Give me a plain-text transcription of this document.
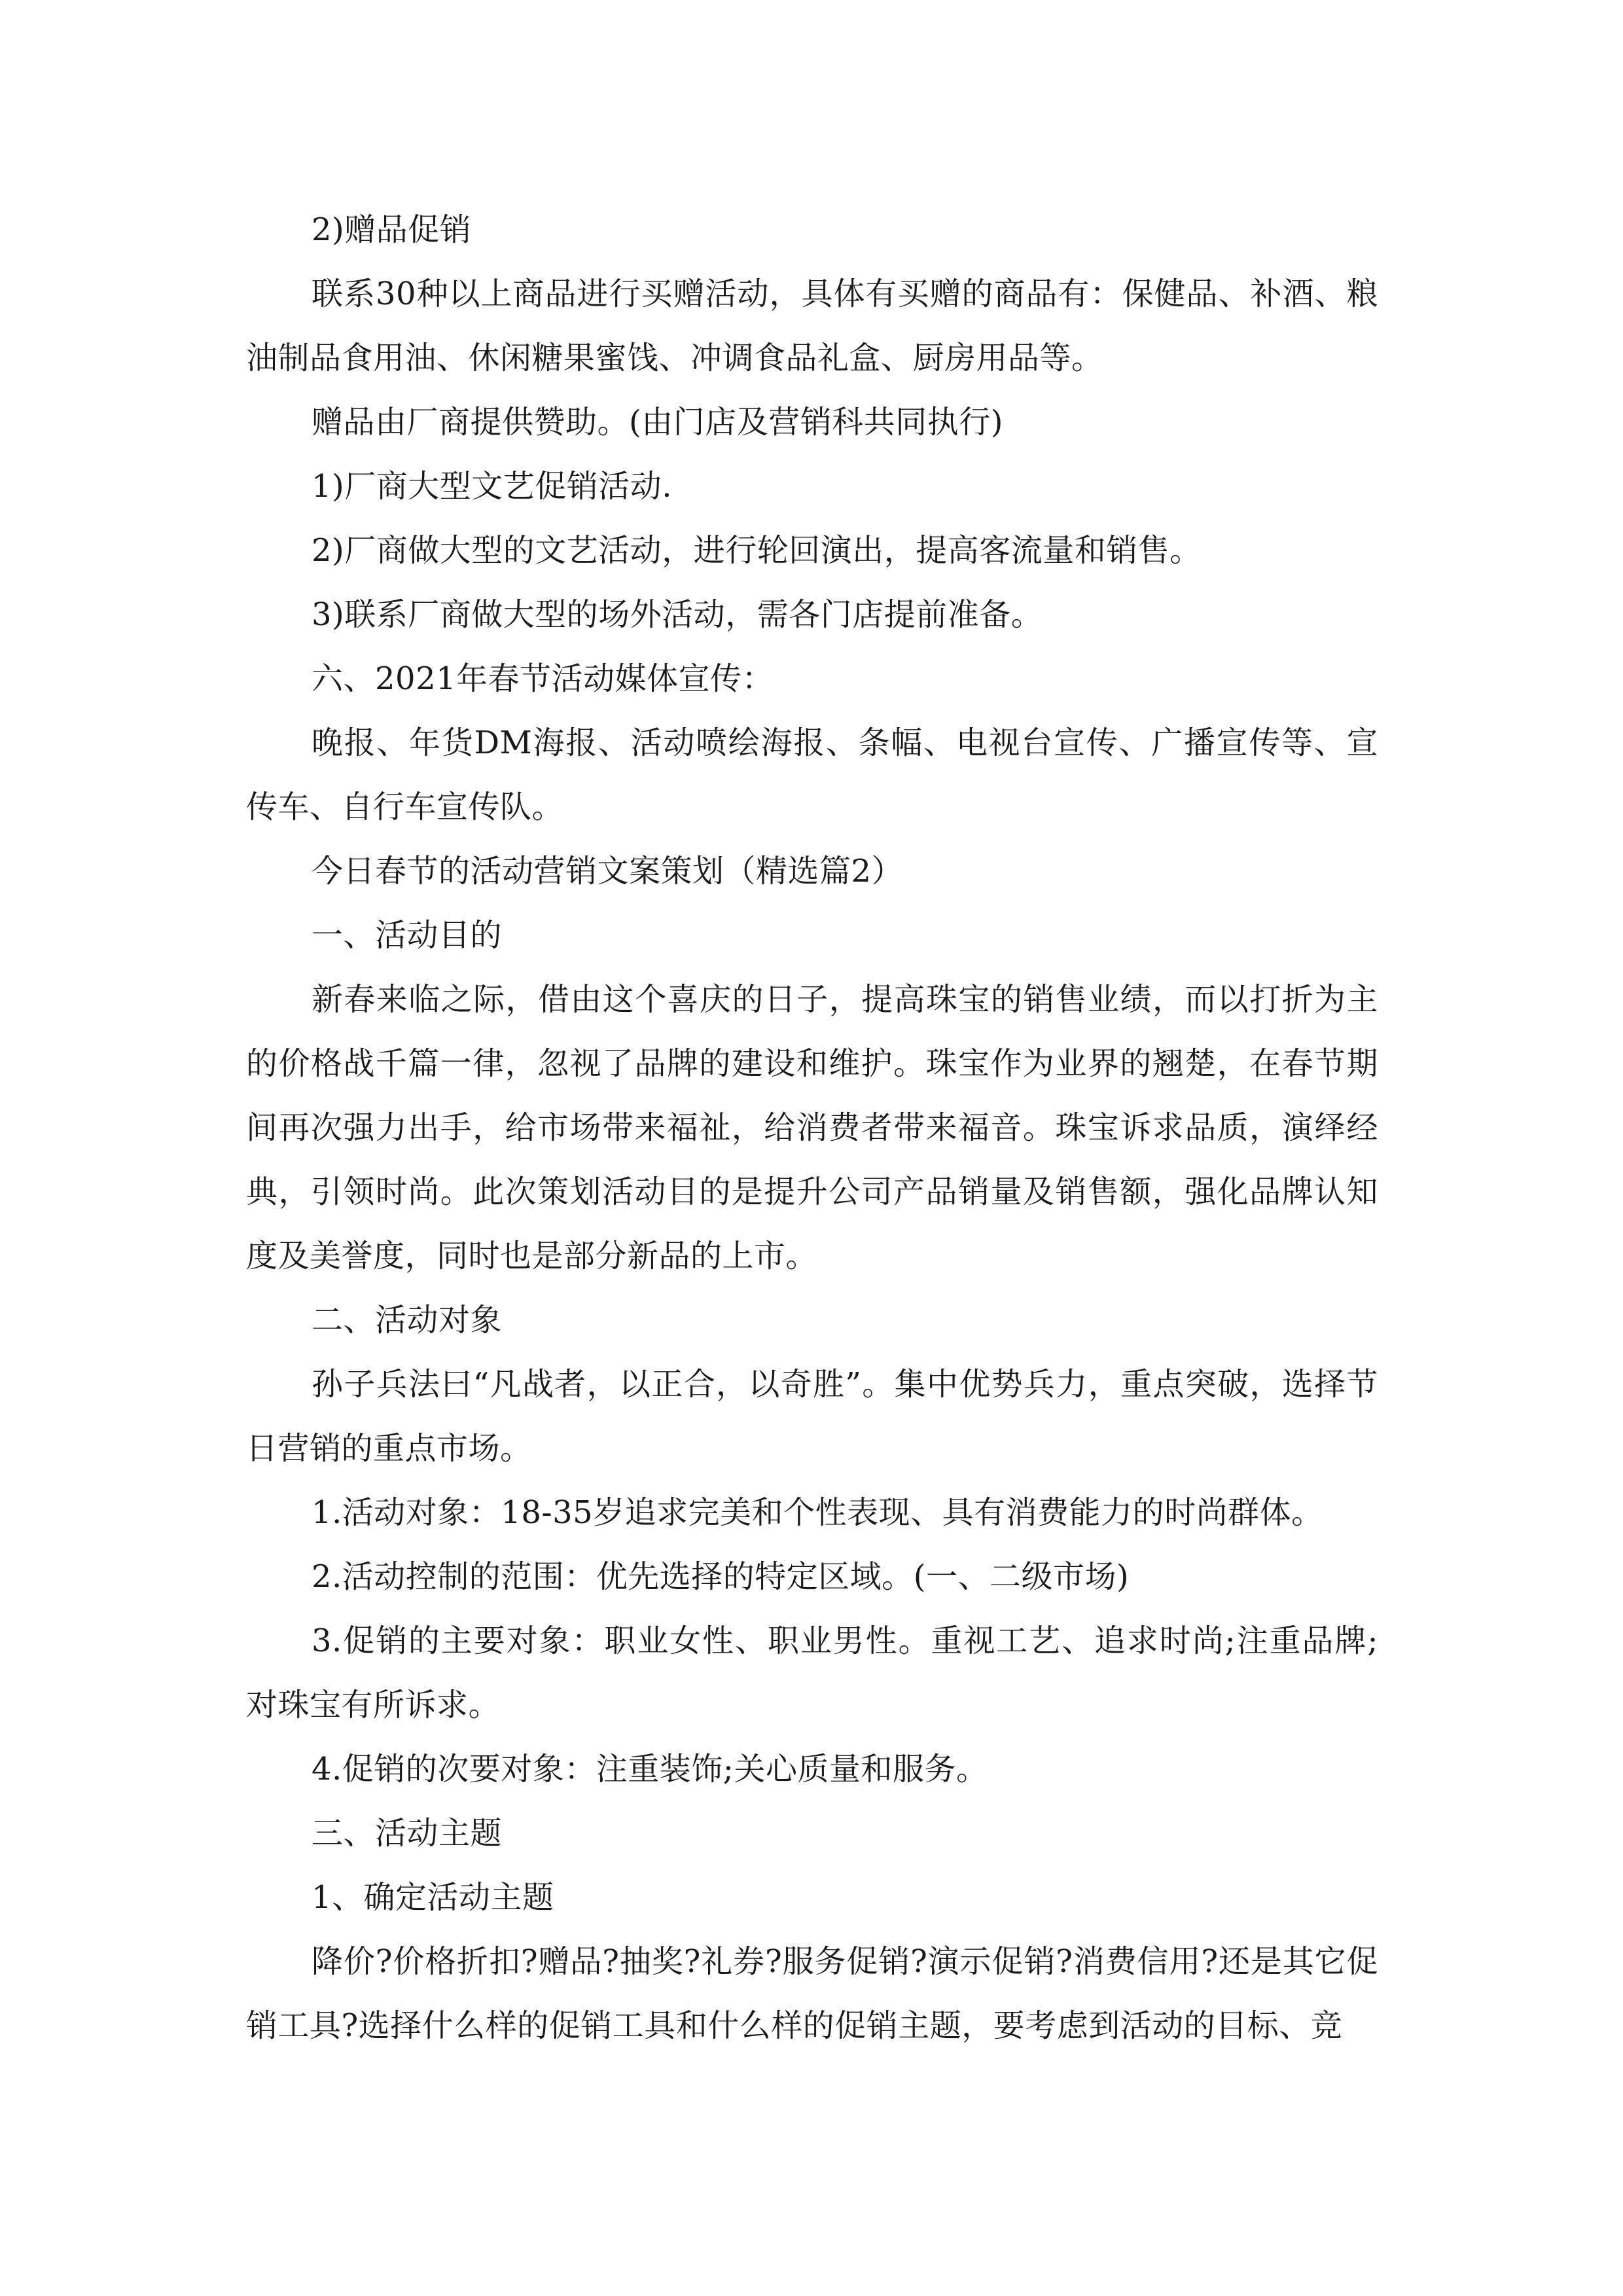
2)赠品促销

联系30种以上商品进行买赠活动，具体有买赠的商品有：保健品、补酒、粮油制品食用油、休闲糖果蜜饯、冲调食品礼盒、厨房用品等。

赠品由厂商提供赞助。(由门店及营销科共同执行)

1)厂商大型文艺促销活动.

2)厂商做大型的文艺活动，进行轮回演出，提高客流量和销售。

3)联系厂商做大型的场外活动，需各门店提前准备。

六、2021年春节活动媒体宣传：

晚报、年货DM海报、活动喷绘海报、条幅、电视台宣传、广播宣传等、宣传车、自行车宣传队。

今日春节的活动营销文案策划（精选篇2）

一、活动目的

新春来临之际，借由这个喜庆的日子，提高珠宝的销售业绩，而以打折为主的价格战千篇一律，忽视了品牌的建设和维护。珠宝作为业界的翘楚，在春节期间再次强力出手，给市场带来福祉，给消费者带来福音。珠宝诉求品质，演绎经典，引领时尚。此次策划活动目的是提升公司产品销量及销售额，强化品牌认知度及美誉度，同时也是部分新品的上市。

二、活动对象

孙子兵法曰“凡战者，以正合，以奇胜”。集中优势兵力，重点突破，选择节日营销的重点市场。

1.活动对象：18-35岁追求完美和个性表现、具有消费能力的时尚群体。

2.活动控制的范围：优先选择的特定区域。(一、二级市场)

3.促销的主要对象：职业女性、职业男性。重视工艺、追求时尚;注重品牌;对珠宝有所诉求。

4.促销的次要对象：注重装饰;关心质量和服务。

三、活动主题

1、确定活动主题

降价?价格折扣?赠品?抽奖?礼券?服务促销?演示促销?消费信用?还是其它促销工具?选择什么样的促销工具和什么样的促销主题，要考虑到活动的目标、竞
